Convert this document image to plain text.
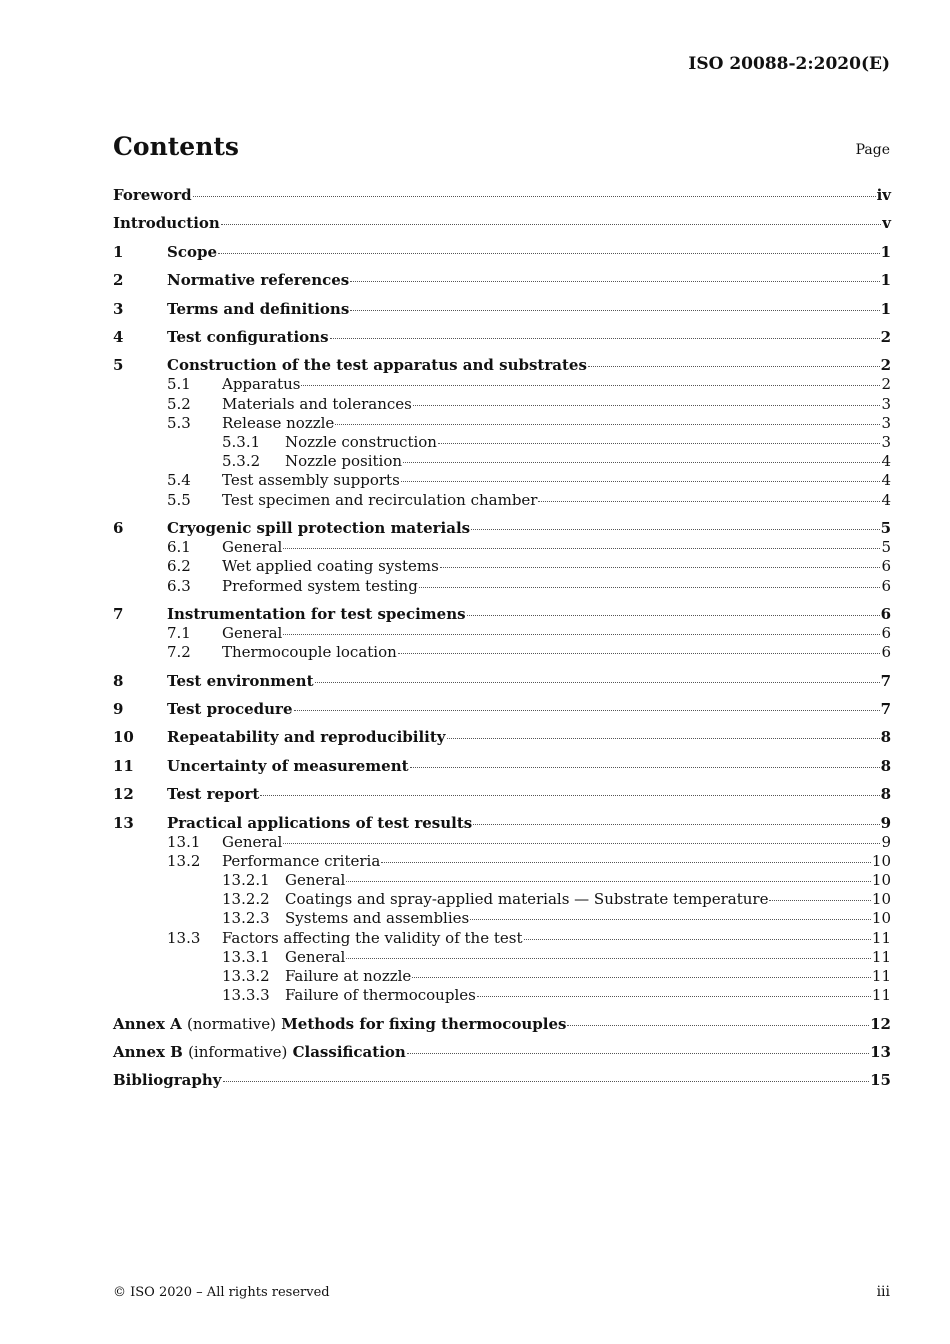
ISO 20088-2:2020(E)
Contents	Page
Foreword	iv
Introduction	v
1	Scope	1
2	Normative references	1
3	Terms and definitions	1
4	Test configurations	2
5	Construction of the test apparatus and substrates	2
5.1	Apparatus	2
5.2	Materials and tolerances	3
5.3	Release nozzle	3
5.3.1	Nozzle construction	3
5.3.2	Nozzle position	4
5.4	Test assembly supports	4
5.5	Test specimen and recirculation chamber	4
6	Cryogenic spill protection materials	5
6.1	General	5
6.2	Wet applied coating systems	6
6.3	Preformed system testing	6
7	Instrumentation for test specimens	6
7.1	General	6
7.2	Thermocouple location	6
8	Test environment	7
9	Test procedure	7
10	Repeatability and reproducibility	8
11	Uncertainty of measurement	8
12	Test report	8
13	Practical applications of test results	9
13.1	General	9
13.2	Performance criteria	10
13.2.1	General	10
13.2.2	Coatings and spray-applied materials — Substrate temperature	10
13.2.3	Systems and assemblies	10
13.3	Factors affecting the validity of the test	11
13.3.1	General	11
13.3.2	Failure at nozzle	11
13.3.3	Failure of thermocouples	11
Annex A (normative) Methods for fixing thermocouples	12
Annex B (informative) Classification	13
Bibliography	15
© ISO 2020 – All rights reserved	iii
